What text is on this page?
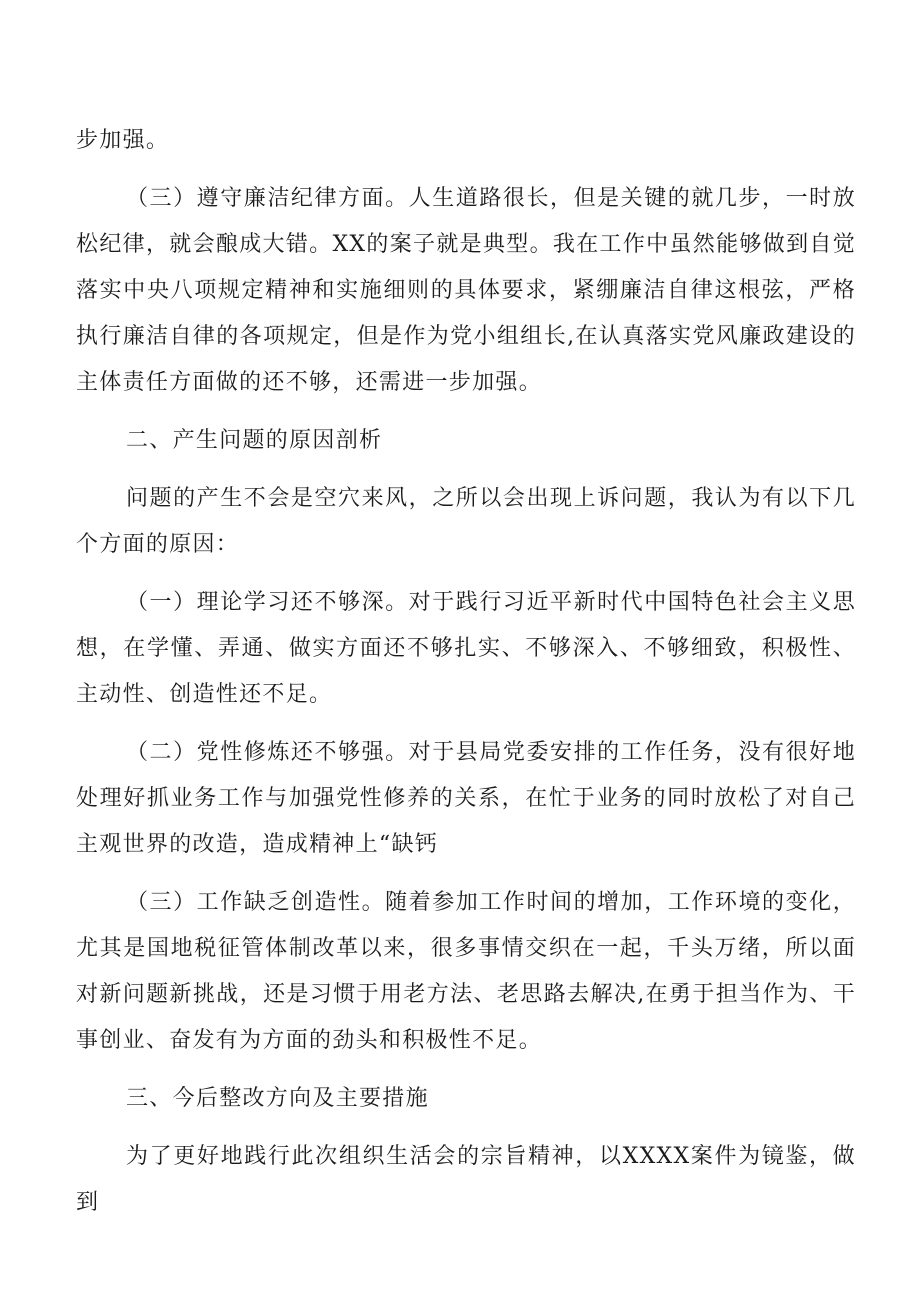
步加强。

（三）遵守廉洁纪律方面。人生道路很长，但是关键的就几步，一时放松纪律，就会酿成大错。XX的案子就是典型。我在工作中虽然能够做到自觉落实中央八项规定精神和实施细则的具体要求，紧绷廉洁自律这根弦，严格执行廉洁自律的各项规定，但是作为党小组组长,在认真落实党风廉政建设的主体责任方面做的还不够，还需进一步加强。

二、产生问题的原因剖析

问题的产生不会是空穴来风，之所以会出现上诉问题，我认为有以下几个方面的原因：

（一）理论学习还不够深。对于践行习近平新时代中国特色社会主义思想，在学懂、弄通、做实方面还不够扎实、不够深入、不够细致，积极性、主动性、创造性还不足。

（二）党性修炼还不够强。对于县局党委安排的工作任务，没有很好地处理好抓业务工作与加强党性修养的关系，在忙于业务的同时放松了对自己主观世界的改造，造成精神上“缺钙

（三）工作缺乏创造性。随着参加工作时间的增加，工作环境的变化，尤其是国地税征管体制改革以来，很多事情交织在一起，千头万绪，所以面对新问题新挑战，还是习惯于用老方法、老思路去解决,在勇于担当作为、干事创业、奋发有为方面的劲头和积极性不足。

三、今后整改方向及主要措施

为了更好地践行此次组织生活会的宗旨精神，以XXXX案件为镜鉴，做到
